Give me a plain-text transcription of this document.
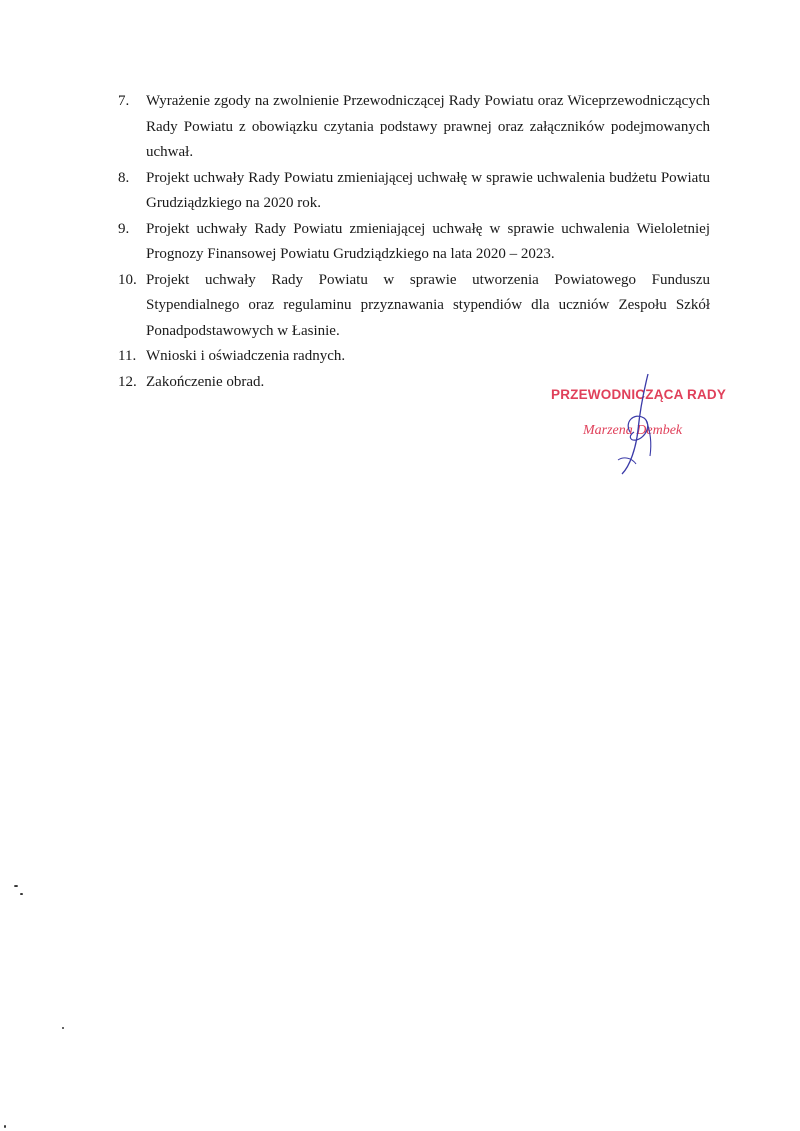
7.	Wyrażenie zgody na zwolnienie Przewodniczącej Rady Powiatu oraz Wiceprzewodniczących Rady Powiatu z obowiązku czytania podstawy prawnej oraz załączników podejmowanych uchwał.
8.	Projekt uchwały Rady Powiatu zmieniającej uchwałę w sprawie uchwalenia budżetu Powiatu Grudziądzkiego na 2020 rok.
9.	Projekt uchwały Rady Powiatu zmieniającej uchwałę w sprawie uchwalenia Wieloletniej Prognozy Finansowej Powiatu Grudziądzkiego na lata 2020 – 2023.
10. Projekt uchwały Rady Powiatu w sprawie utworzenia Powiatowego Funduszu Stypendialnego oraz regulaminu przyznawania stypendiów dla uczniów Zespołu Szkół Ponadpodstawowych w Łasinie.
11. Wnioski i oświadczenia radnych.
12. Zakończenie obrad.
PRZEWODNICZĄCA RADY
Marzena Dembek
